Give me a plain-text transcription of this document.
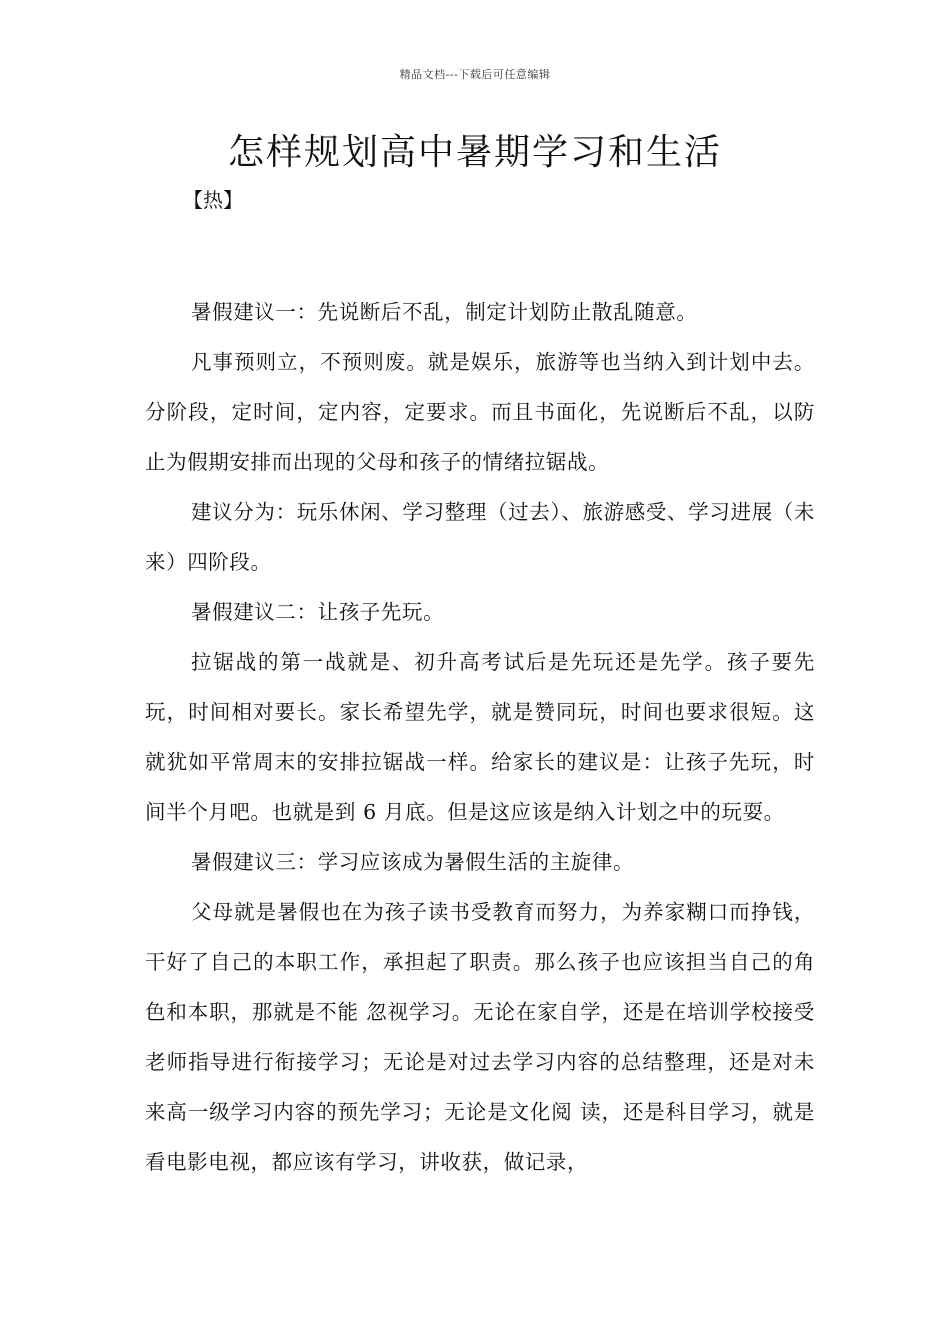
精品文档---下载后可任意编辑
怎样规划高中暑期学习和生活
【热】

暑假建议一：先说断后不乱，制定计划防止散乱随意。

凡事预则立，不预则废。就是娱乐，旅游等也当纳入到计划中去。分阶段，定时间，定内容，定要求。而且书面化，先说断后不乱，以防止为假期安排而出现的父母和孩子的情绪拉锯战。

建议分为：玩乐休闲、学习整理（过去）、旅游感受、学习进展（未来）四阶段。

暑假建议二：让孩子先玩。

拉锯战的第一战就是、初升高考试后是先玩还是先学。孩子要先玩，时间相对要长。家长希望先学，就是赞同玩，时间也要求很短。这就犹如平常周末的安排拉锯战一样。给家长的建议是：让孩子先玩，时间半个月吧。也就是到 6 月底。但是这应该是纳入计划之中的玩耍。

暑假建议三：学习应该成为暑假生活的主旋律。

父母就是暑假也在为孩子读书受教育而努力，为养家糊口而挣钱，干好了自己的本职工作，承担起了职责。那么孩子也应该担当自己的角色和本职，那就是不能 忽视学习。无论在家自学，还是在培训学校接受老师指导进行衔接学习；无论是对过去学习内容的总结整理，还是对未来高一级学习内容的预先学习；无论是文化阅 读，还是科目学习，就是看电影电视，都应该有学习，讲收获，做记录，
